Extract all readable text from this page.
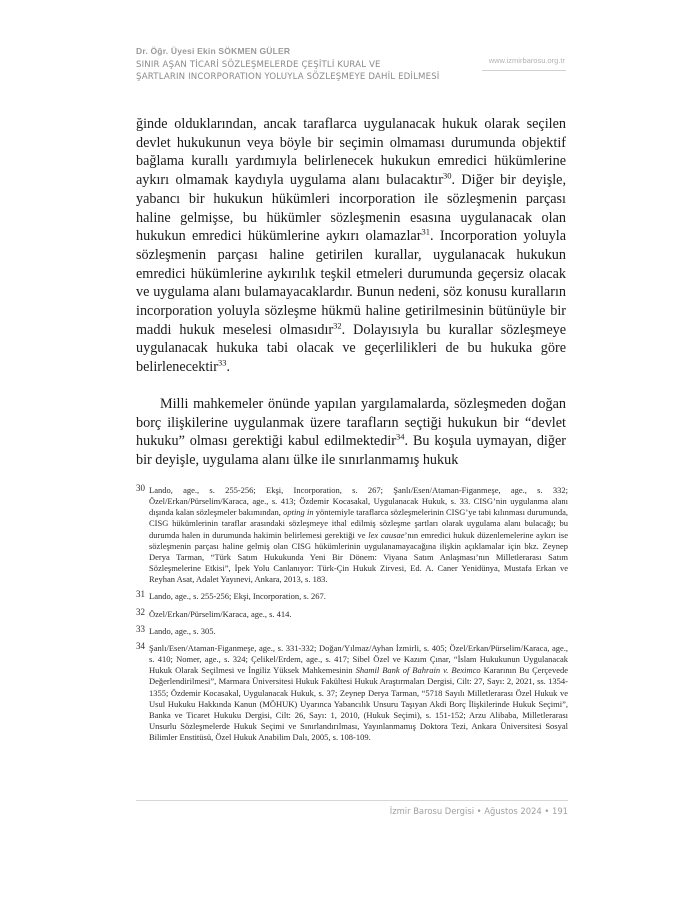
Dr. Öğr. Üyesi Ekin SÖKMEN GÜLER

SINIR AŞAN TİCARİ SÖZLEŞMELERDE ÇEŞİTLİ KURAL VE

ŞARTLARIN INCORPORATION YOLUYLA SÖZLEŞMEYE DAHİL EDİLMESİ

www.izmirbarosu.org.tr

ğinde olduklarından, ancak taraflarca uygulanacak hukuk olarak seçilen devlet hukukunun veya böyle bir seçimin olmaması durumunda objektif bağlama kurallı yardımıyla belirlenecek hukukun emredici hükümlerine aykırı olmamak kaydıyla uygulama alanı bulacaktır$^{30}$. Diğer bir deyişle, yabancı bir hukukun hükümleri incorporation ile sözleşmenin parçası haline gelmişse, bu hükümler sözleşmenin esasına uygulanacak olan hukukun emredici hükümlerine aykırı olamazlar$^{31}$. Incorporation yoluyla sözleşmenin parçası haline getirilen kurallar, uygulanacak hukukun emredici hükümlerine aykırılık teşkil etmeleri durumunda geçersiz olacak ve uygulama alanı bulamayacaklardır. Bunun nedeni, söz konusu kuralların incorporation yoluyla sözleşme hükmü haline getirilmesinin bütünüyle bir maddi hukuk meselesi olmasıdır$^{32}$. Dolayısıyla bu kurallar sözleşmeye uygulanacak hukuka tabi olacak ve geçerlilikleri de bu hukuka göre belirlenecektir$^{33}$.

Milli mahkemeler önünde yapılan yargılamalarda, sözleşmeden doğan borç ilişkilerine uygulanmak üzere tarafların seçtiği hukukun bir “devlet hukuku” olması gerektiği kabul edilmektedir$^{34}$. Bu koşula uymayan, diğer bir deyişle, uygulama alanı ülke ile sınırlanmamış hukuk

30 Lando, age., s. 255-256; Ekşi, Incorporation, s. 267; Şanlı/Esen/Ataman-Figanmeşe, age., s. 332; Özel/Erkan/Pürselim/Karaca, age., s. 413; Özdemir Kocasakal, Uygulanacak Hukuk, s. 33. CISG’nin uygulanma alanı dışında kalan sözleşmeler bakımından, opting in yöntemiyle taraflarca sözleşmelerinin CISG’ye tabi kılınması durumunda, CISG hükümlerinin taraflar arasındaki sözleşmeye ithal edilmiş sözleşme şartları olarak uygulama alanı bulacağı; bu durumda halen in durumunda hakimin belirlemesi gerektiği ve lex causae’nın emredici hukuk düzenlemelerine aykırı ise sözleşmenin parçası haline gelmiş olan CISG hükümlerinin uygulanamayacağına ilişkin açıklamalar için bkz. Zeynep Derya Tarman, “Türk Satım Hukukunda Yeni Bir Dönem: Viyana Satım Anlaşması’nın Milletlerarası Satım Sözleşmelerine Etkisi”, İpek Yolu Canlanıyor: Türk-Çin Hukuk Zirvesi, Ed. A. Caner Yenidünya, Mustafa Erkan ve Reyhan Asat, Adalet Yayınevi, Ankara, 2013, s. 183.
31 Lando, age., s. 255-256; Ekşi, Incorporation, s. 267.
32 Özel/Erkan/Pürselim/Karaca, age., s. 414.
33 Lando, age., s. 305.
34 Şanlı/Esen/Ataman-Figanmeşe, age., s. 331-332; Doğan/Yılmaz/Ayhan İzmirli, s. 405; Özel/Erkan/Pürselim/Karaca, age., s. 410; Nomer, age., s. 324; Çelikel/Erdem, age., s. 417; Sibel Özel ve Kazım Çınar, “İslam Hukukunun Uygulanacak Hukuk Olarak Seçilmesi ve İngiliz Yüksek Mahkemesinin Shamil Bank of Bahrain v. Beximco Kararının Bu Çerçevede Değerlendirilmesi”, Marmara Üniversitesi Hukuk Fakültesi Hukuk Araştırmaları Dergisi, Cilt: 27, Sayı: 2, 2021, ss. 1354-1355; Özdemir Kocasakal, Uygulanacak Hukuk, s. 37; Zeynep Derya Tarman, “5718 Sayılı Milletlerarası Özel Hukuk ve Usul Hukuku Hakkında Kanun (MÖHUK) Uyarınca Yabancılık Unsuru Taşıyan Akdi Borç İlişkilerinde Hukuk Seçimi”, Banka ve Ticaret Hukuku Dergisi, Cilt: 26, Sayı: 1, 2010, (Hukuk Seçimi), s. 151-152; Arzu Alibaba, Milletlerarası Unsurlu Sözleşmelerde Hukuk Seçimi ve Sınırlandırılması, Yayınlanmamış Doktora Tezi, Ankara Üniversitesi Sosyal Bilimler Enstitüsü, Özel Hukuk Anabilim Dalı, 2005, s. 108-109.
İzmir Barosu Dergisi • Ağustos 2024 • 191
